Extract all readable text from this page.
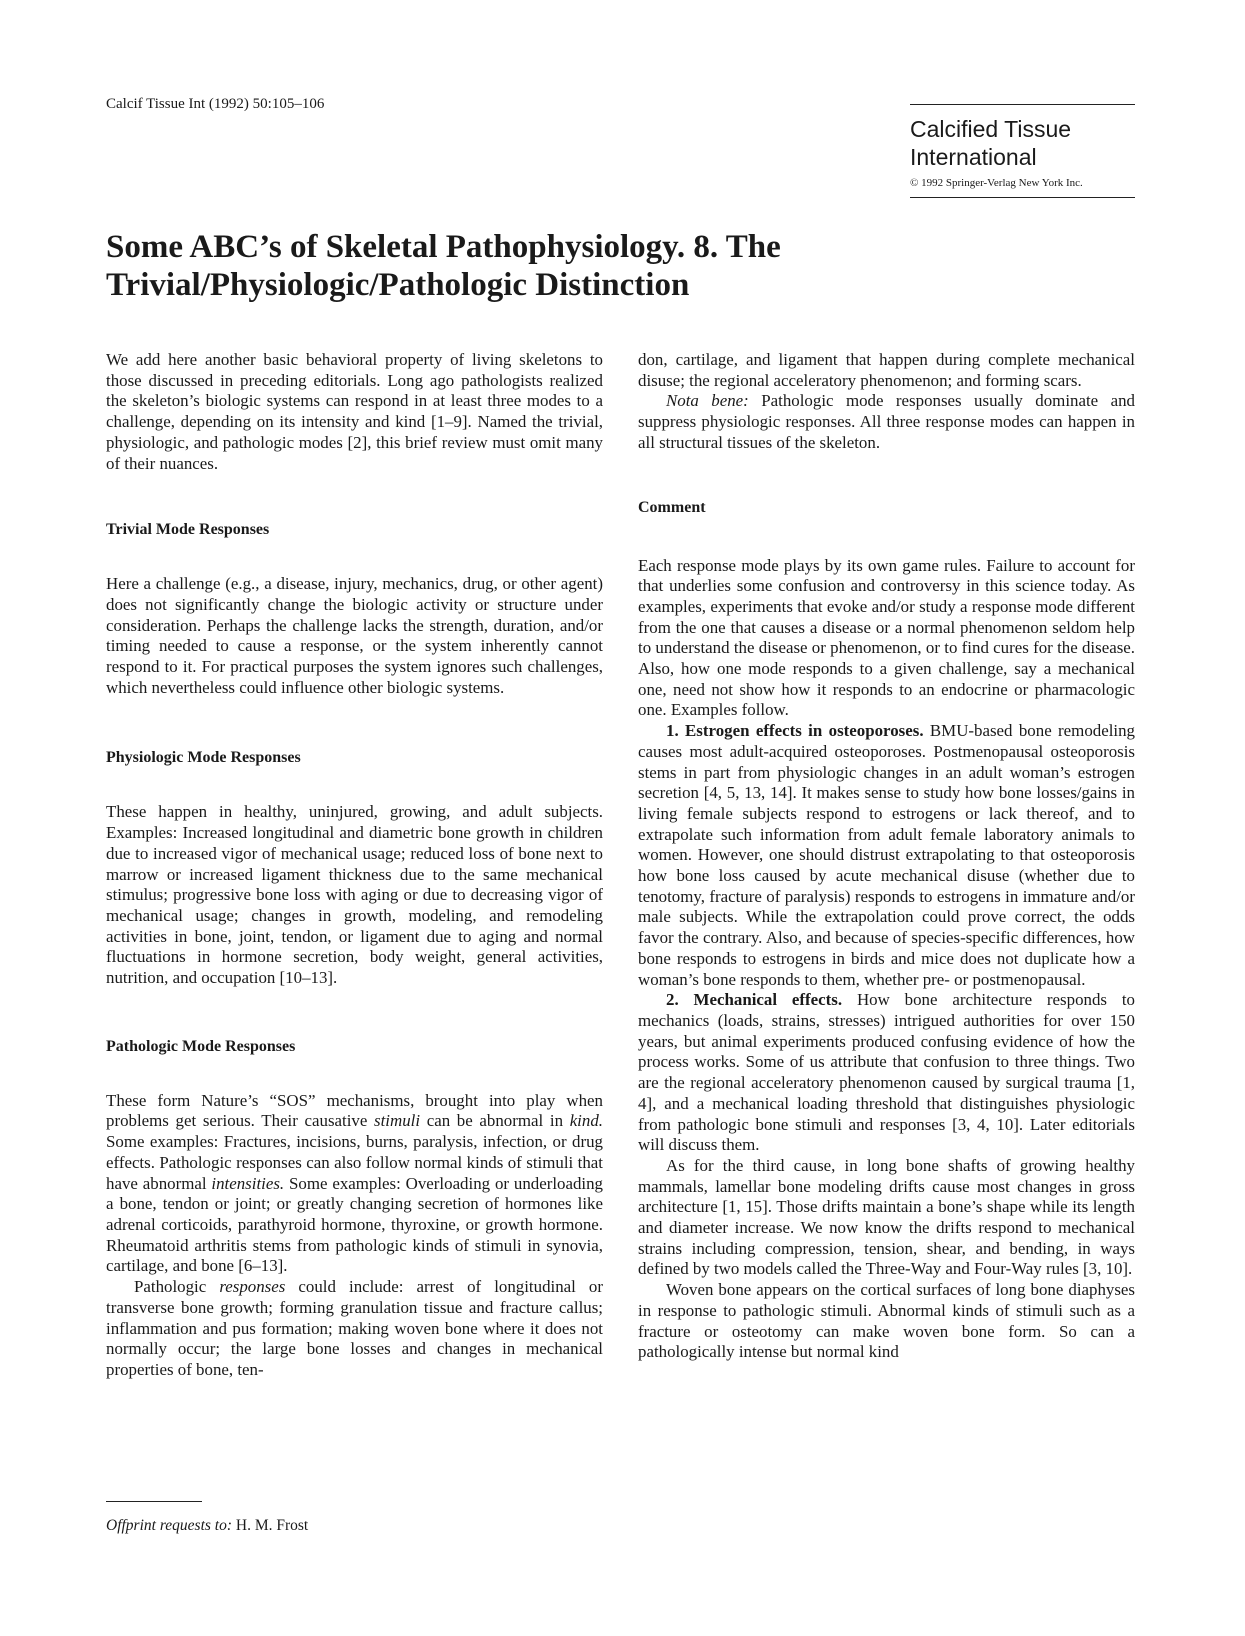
Calcif Tissue Int (1992) 50:105–106
Calcified Tissue
International
© 1992 Springer-Verlag New York Inc.
Some ABC’s of Skeletal Pathophysiology. 8. The
Trivial/Physiologic/Pathologic Distinction

We add here another basic behavioral property of living skeletons to those discussed in preceding editorials. Long ago pathologists realized the skeleton’s biologic systems can respond in at least three modes to a challenge, depending on its intensity and kind [1–9]. Named the trivial, physiologic, and pathologic modes [2], this brief review must omit many of their nuances.

Trivial Mode Responses

Here a challenge (e.g., a disease, injury, mechanics, drug, or other agent) does not significantly change the biologic activity or structure under consideration. Perhaps the challenge lacks the strength, duration, and/or timing needed to cause a response, or the system inherently cannot respond to it. For practical purposes the system ignores such challenges, which nevertheless could influence other biologic systems.

Physiologic Mode Responses

These happen in healthy, uninjured, growing, and adult subjects. Examples: Increased longitudinal and diametric bone growth in children due to increased vigor of mechanical usage; reduced loss of bone next to marrow or increased ligament thickness due to the same mechanical stimulus; progressive bone loss with aging or due to decreasing vigor of mechanical usage; changes in growth, modeling, and remodeling activities in bone, joint, tendon, or ligament due to aging and normal fluctuations in hormone secretion, body weight, general activities, nutrition, and occupation [10–13].

Pathologic Mode Responses

These form Nature’s “SOS” mechanisms, brought into play when problems get serious. Their causative stimuli can be abnormal in kind. Some examples: Fractures, incisions, burns, paralysis, infection, or drug effects. Pathologic responses can also follow normal kinds of stimuli that have abnormal intensities. Some examples: Overloading or underloading a bone, tendon or joint; or greatly changing secretion of hormones like adrenal corticoids, parathyroid hormone, thyroxine, or growth hormone. Rheumatoid arthritis stems from pathologic kinds of stimuli in synovia, cartilage, and bone [6–13].

Pathologic responses could include: arrest of longitudinal or transverse bone growth; forming granulation tissue and fracture callus; inflammation and pus formation; making woven bone where it does not normally occur; the large bone losses and changes in mechanical properties of bone, ten-

don, cartilage, and ligament that happen during complete mechanical disuse; the regional acceleratory phenomenon; and forming scars.

Nota bene: Pathologic mode responses usually dominate and suppress physiologic responses. All three response modes can happen in all structural tissues of the skeleton.

Comment

Each response mode plays by its own game rules. Failure to account for that underlies some confusion and controversy in this science today. As examples, experiments that evoke and/or study a response mode different from the one that causes a disease or a normal phenomenon seldom help to understand the disease or phenomenon, or to find cures for the disease. Also, how one mode responds to a given challenge, say a mechanical one, need not show how it responds to an endocrine or pharmacologic one. Examples follow.

1. Estrogen effects in osteoporoses. BMU-based bone remodeling causes most adult-acquired osteoporoses. Postmenopausal osteoporosis stems in part from physiologic changes in an adult woman’s estrogen secretion [4, 5, 13, 14]. It makes sense to study how bone losses/gains in living female subjects respond to estrogens or lack thereof, and to extrapolate such information from adult female laboratory animals to women. However, one should distrust extrapolating to that osteoporosis how bone loss caused by acute mechanical disuse (whether due to tenotomy, fracture of paralysis) responds to estrogens in immature and/or male subjects. While the extrapolation could prove correct, the odds favor the contrary. Also, and because of species-specific differences, how bone responds to estrogens in birds and mice does not duplicate how a woman’s bone responds to them, whether pre- or postmenopausal.

2. Mechanical effects. How bone architecture responds to mechanics (loads, strains, stresses) intrigued authorities for over 150 years, but animal experiments produced confusing evidence of how the process works. Some of us attribute that confusion to three things. Two are the regional acceleratory phenomenon caused by surgical trauma [1, 4], and a mechanical loading threshold that distinguishes physiologic from pathologic bone stimuli and responses [3, 4, 10]. Later editorials will discuss them.

As for the third cause, in long bone shafts of growing healthy mammals, lamellar bone modeling drifts cause most changes in gross architecture [1, 15]. Those drifts maintain a bone’s shape while its length and diameter increase. We now know the drifts respond to mechanical strains including compression, tension, shear, and bending, in ways defined by two models called the Three-Way and Four-Way rules [3, 10].

Woven bone appears on the cortical surfaces of long bone diaphyses in response to pathologic stimuli. Abnormal kinds of stimuli such as a fracture or osteotomy can make woven bone form. So can a pathologically intense but normal kind

Offprint requests to: H. M. Frost
